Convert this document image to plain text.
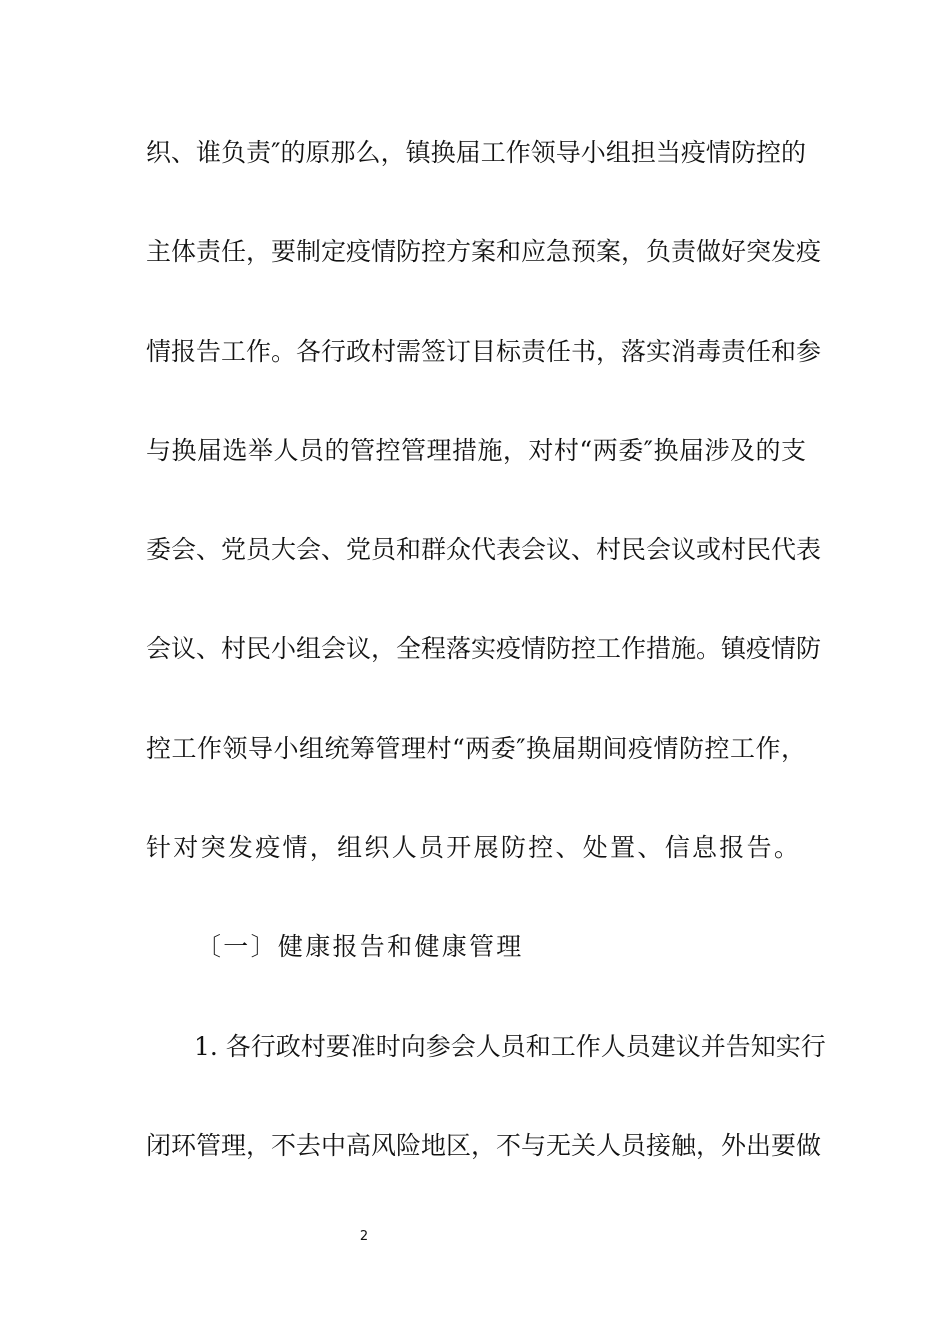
织、谁负责″的原那么，镇换届工作领导小组担当疫情防控的
主体责任，要制定疫情防控方案和应急预案，负责做好突发疫
情报告工作。各行政村需签订目标责任书，落实消毒责任和参
与换届选举人员的管控管理措施，对村“两委″换届涉及的支
委会、党员大会、党员和群众代表会议、村民会议或村民代表
会议、村民小组会议，全程落实疫情防控工作措施。镇疫情防
控工作领导小组统筹管理村“两委″换届期间疫情防控工作，
针对突发疫情，组织人员开展防控、处置、信息报告。
〔一〕健康报告和健康管理
1. 各行政村要准时向参会人员和工作人员建议并告知实行
闭环管理，不去中高风险地区，不与无关人员接触，外出要做
2
